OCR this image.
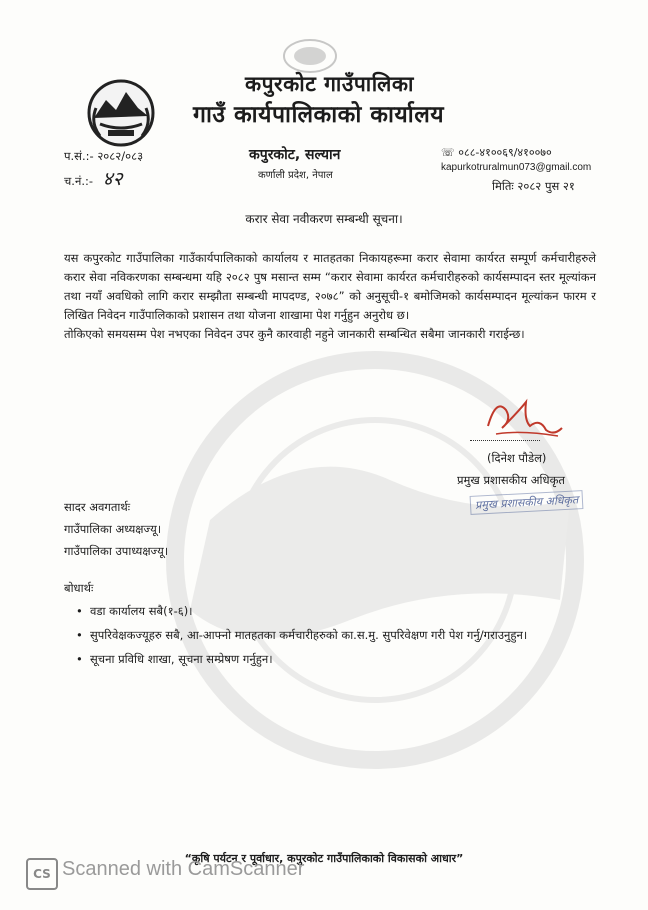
कपुरकोट गाउँपालिका
गाउँ कार्यपालिकाको कार्यालय
प.सं.:- २०८२/०८३
च.नं.:- ४२
कपुरकोट, सल्यान
कर्णाली प्रदेश, नेपाल
☏ ०८८-४१००६९/४१००७०
kapurkotruralmun073@gmail.com
मितिः २०८२ पुस २१
करार सेवा नवीकरण सम्बन्धी सूचना।

यस कपुरकोट गाउँपालिका गाउँकार्यपालिकाको कार्यालय र मातहतका निकायहरूमा करार सेवामा कार्यरत सम्पूर्ण कर्मचारीहरुले करार सेवा नविकरणका सम्बन्धमा यहि २०८२ पुष मसान्त सम्म “करार सेवामा कार्यरत कर्मचारीहरुको कार्यसम्पादन स्तर मूल्यांकन तथा नयाँ अवधिको लागि करार सम्झौता सम्बन्धी मापदण्ड, २०७८” को अनुसूची-१ बमोजिमको कार्यसम्पादन मूल्यांकन फारम र लिखित निवेदन गाउँपालिकाको प्रशासन तथा योजना शाखामा पेश गर्नुहुन अनुरोध छ।

तोकिएको समयसम्म पेश नभएका निवेदन उपर कुनै कारवाही नहुने जानकारी सम्बन्धित सबैमा जानकारी गराईन्छ।

(दिनेश पौडेल)
प्रमुख प्रशासकीय अधिकृत
प्रमुख प्रशासकीय अधिकृत
सादर अवगतार्थः
गाउँपालिका अध्यक्षज्यू।
गाउँपालिका उपाध्यक्षज्यू।
बोधार्थः
• वडा कार्यालय सबै(१-६)।
• सुपरिवेक्षकज्यूहरु सबै, आ-आफ्नो मातहतका कर्मचारीहरुको का.स.मु. सुपरिवेक्षण गरी पेश गर्नु/गराउनुहुन।
• सूचना प्रविधि शाखा, सूचना सम्प्रेषण गर्नुहुन।
“कृषि पर्यटन र पूर्वाधार, कपुरकोट गाउँपालिकाको विकासको आधार”
CS Scanned with CamScanner
